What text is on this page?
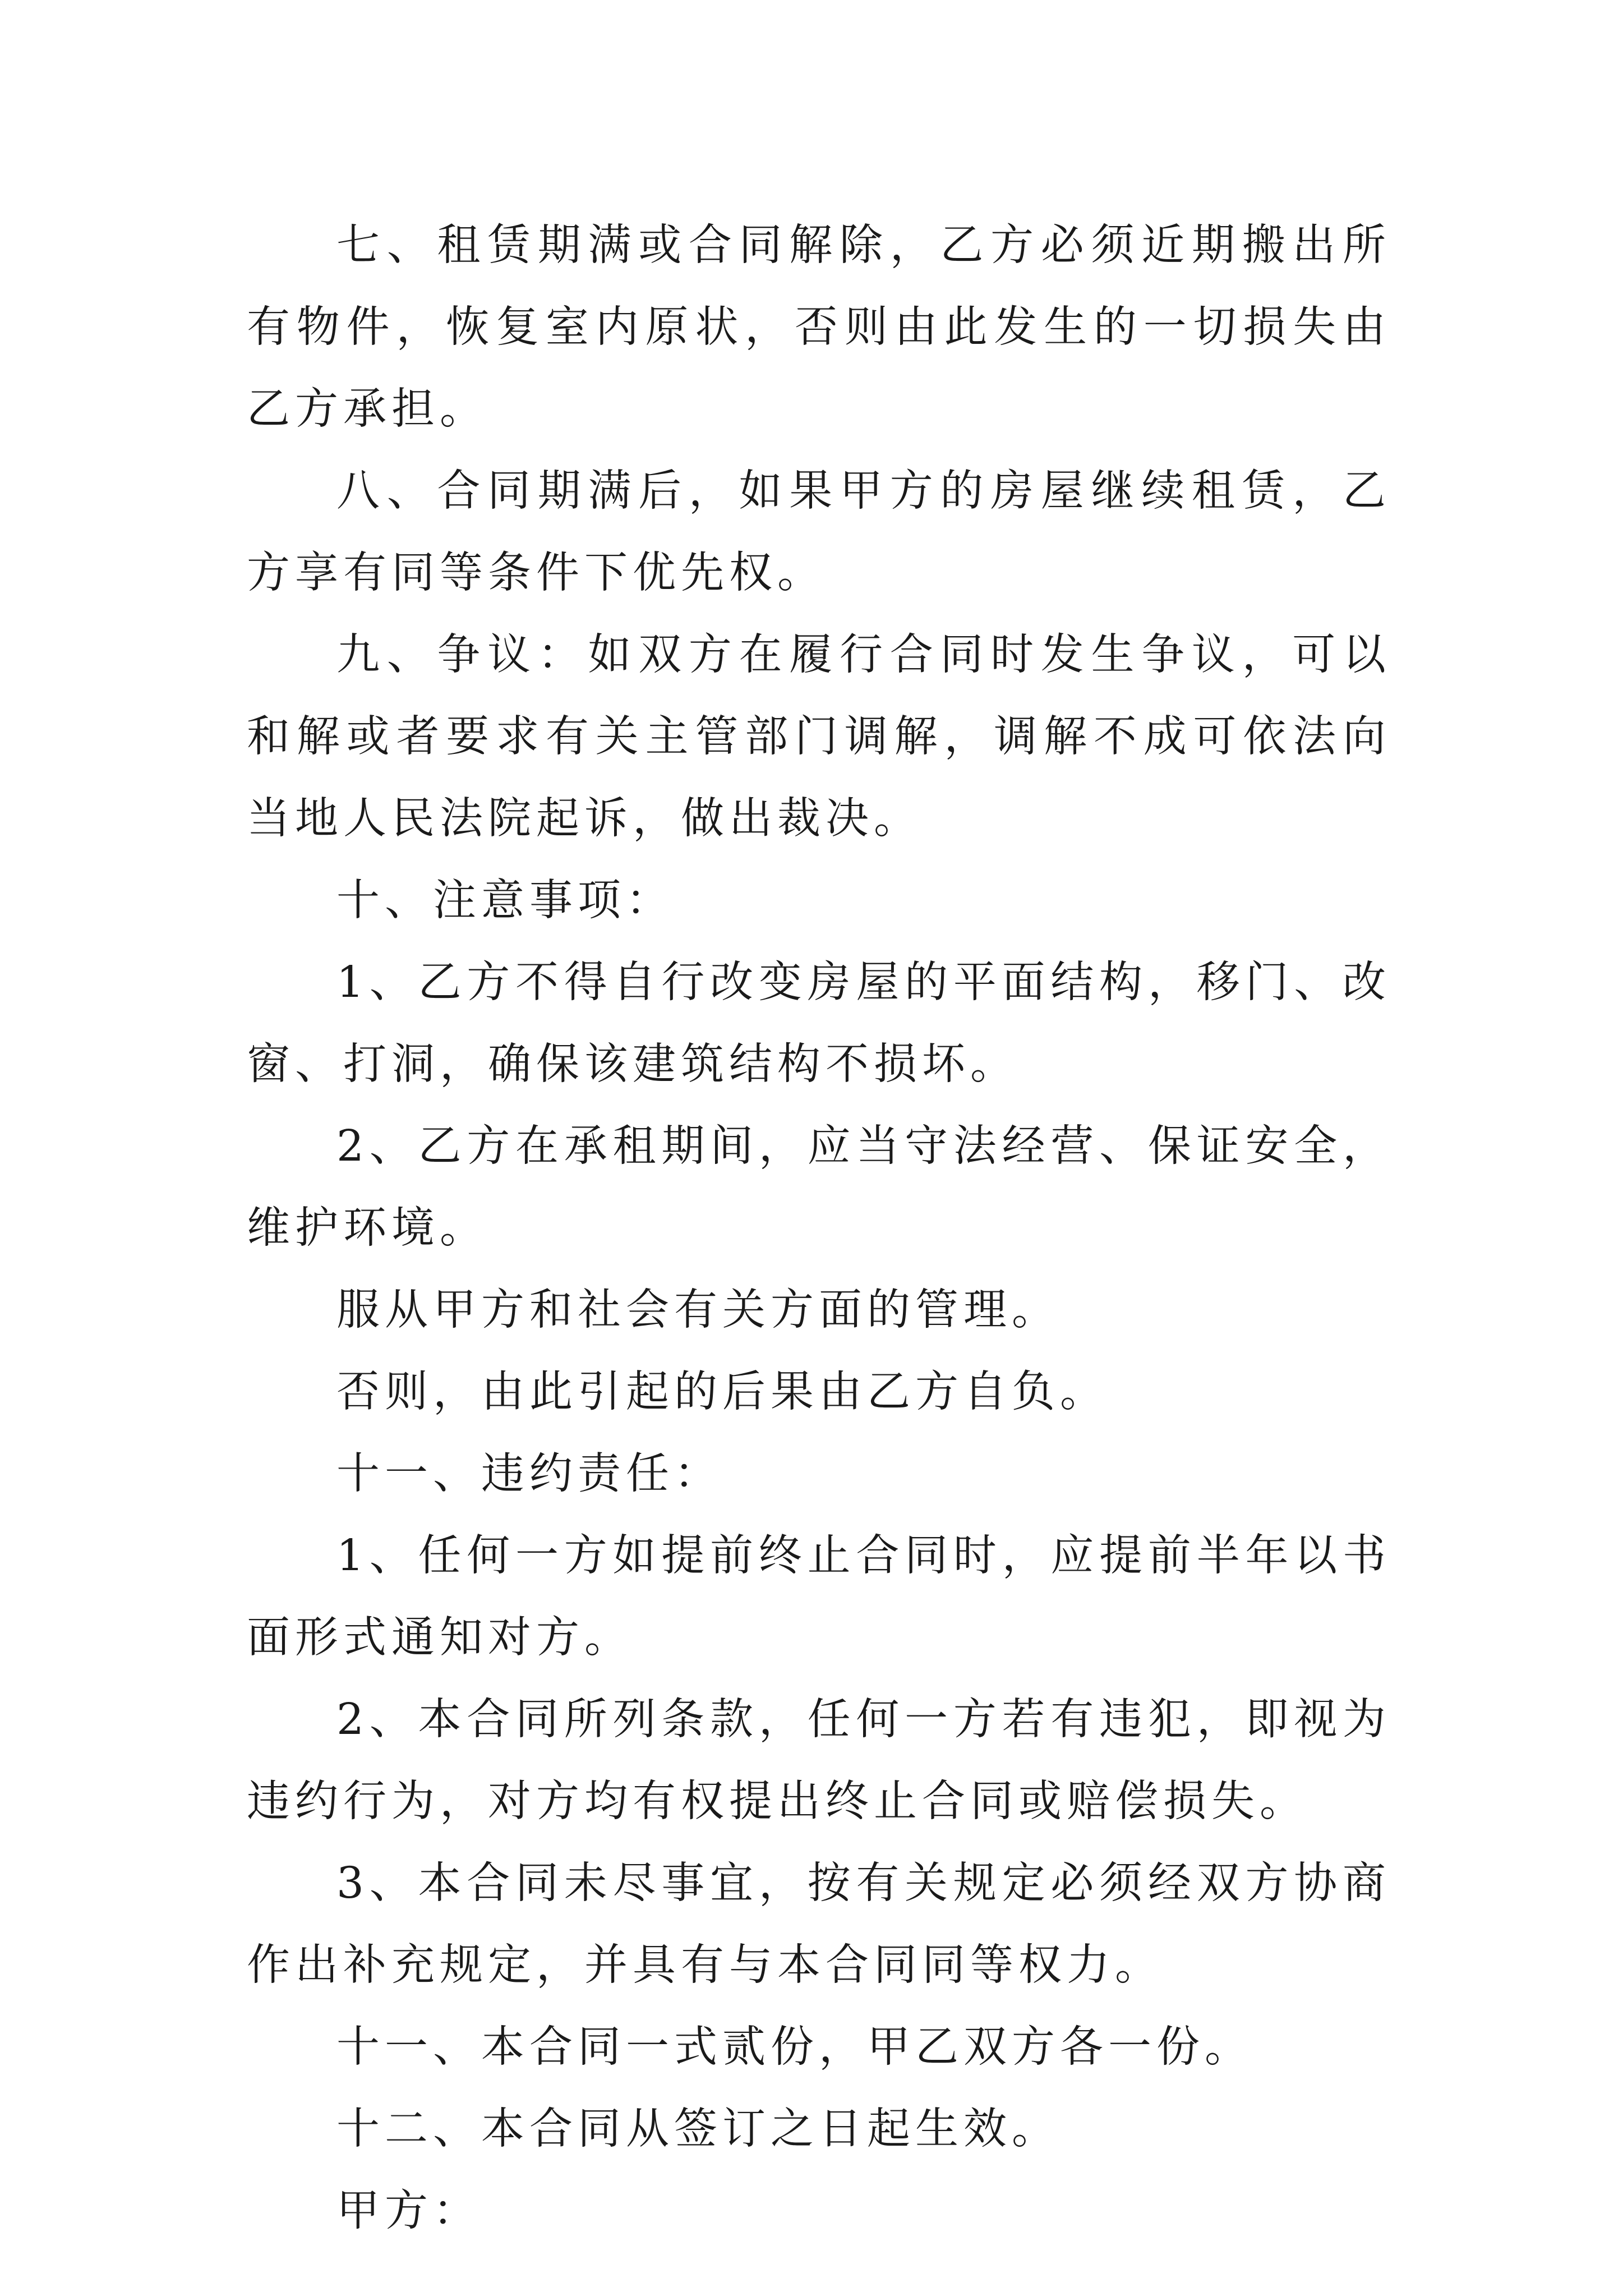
七、租赁期满或合同解除，乙方必须近期搬出所有物件，恢复室内原状，否则由此发生的一切损失由乙方承担。

八、合同期满后，如果甲方的房屋继续租赁，乙方享有同等条件下优先权。

九、争议：如双方在履行合同时发生争议，可以和解或者要求有关主管部门调解，调解不成可依法向当地人民法院起诉，做出裁决。

十、注意事项：

1、乙方不得自行改变房屋的平面结构，移门、改窗、打洞，确保该建筑结构不损坏。

2、乙方在承租期间，应当守法经营、保证安全，维护环境。

服从甲方和社会有关方面的管理。

否则，由此引起的后果由乙方自负。

十一、违约责任：

1、任何一方如提前终止合同时，应提前半年以书面形式通知对方。

2、本合同所列条款，任何一方若有违犯，即视为违约行为，对方均有权提出终止合同或赔偿损失。

3、本合同未尽事宜，按有关规定必须经双方协商作出补充规定，并具有与本合同同等权力。

十一、本合同一式贰份，甲乙双方各一份。

十二、本合同从签订之日起生效。

甲方：
